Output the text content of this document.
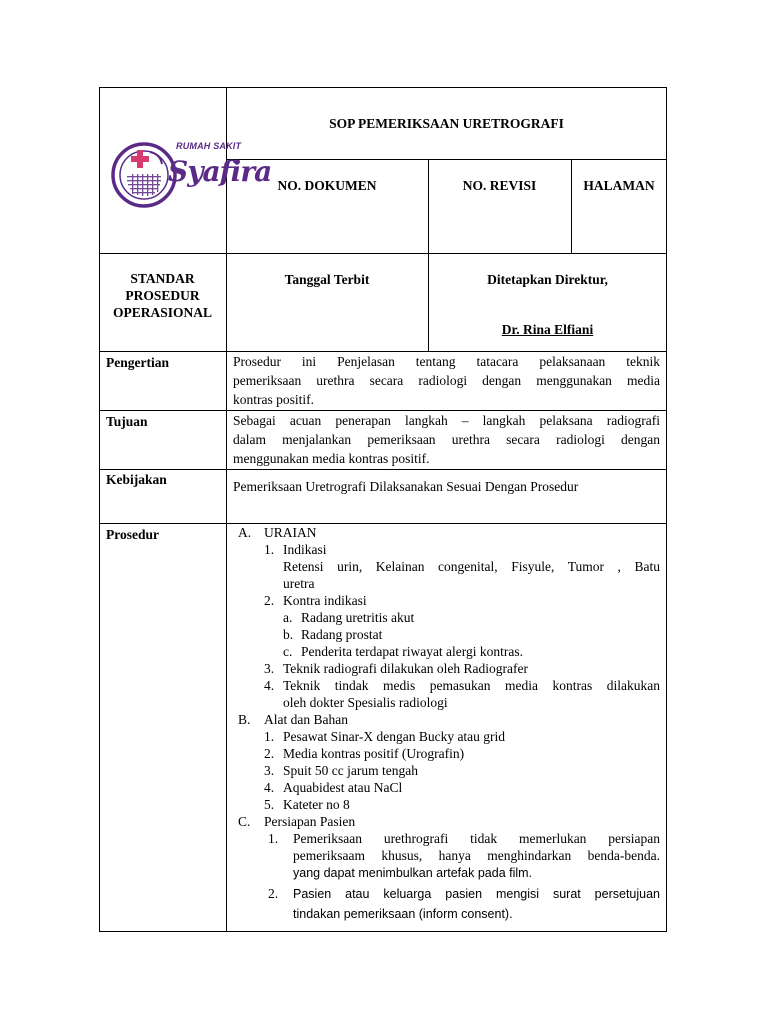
RUMAH SAKIT
Syafira
SOP PEMERIKSAAN URETROGRAFI
NO. DOKUMEN	NO. REVISI	HALAMAN
STANDAR
PROSEDUR
OPERASIONAL
Tanggal Terbit	Ditetapkan Direktur,
Dr. Rina Elfiani
Pengertian	Prosedur ini Penjelasan tentang tatacara pelaksanaan teknik
pemeriksaan urethra secara radiologi dengan menggunakan media
kontras positif.
Tujuan	Sebagai acuan penerapan langkah – langkah pelaksana radiografi
dalam menjalankan pemeriksaan urethra secara radiologi dengan
menggunakan media kontras positif.
Kebijakan	Pemeriksaan Uretrografi Dilaksanakan Sesuai Dengan Prosedur
Prosedur	A. URAIAN
1. Indikasi
Retensi urin, Kelainan congenital, Fisyule, Tumor , Batu
uretra
2. Kontra indikasi
a. Radang uretritis akut
b. Radang prostat
c. Penderita terdapat riwayat alergi kontras.
3. Teknik radiografi dilakukan oleh Radiografer
4. Teknik tindak medis pemasukan media kontras dilakukan
oleh dokter Spesialis radiologi
B. Alat dan Bahan
1. Pesawat Sinar-X dengan Bucky atau grid
2. Media kontras positif (Urografin)
3. Spuit 50 cc jarum tengah
4. Aquabidest atau NaCl
5. Kateter no 8
C. Persiapan Pasien
1. Pemeriksaan urethrografi tidak memerlukan persiapan
pemeriksaam khusus, hanya menghindarkan benda-benda.
yang dapat menimbulkan artefak pada film.
2. Pasien atau keluarga pasien mengisi surat persetujuan
tindakan pemeriksaan (inform consent).
